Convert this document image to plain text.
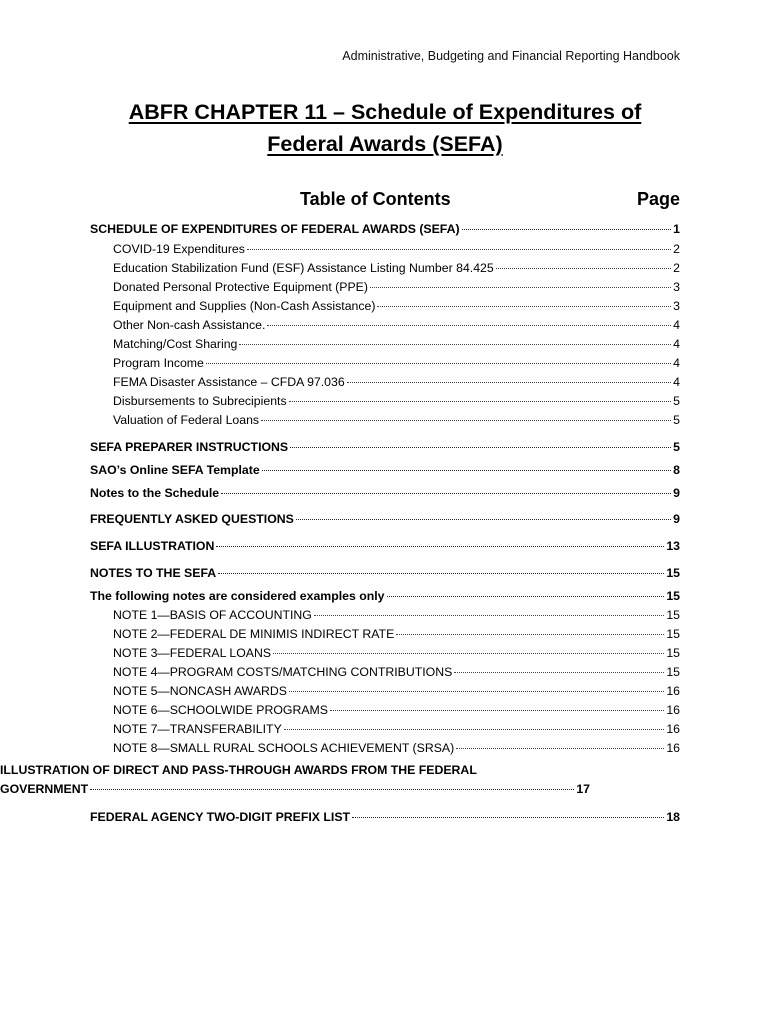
Administrative, Budgeting and Financial Reporting Handbook
ABFR CHAPTER 11 – Schedule of Expenditures of
Federal Awards (SEFA)
Table of Contents	Page
SCHEDULE OF EXPENDITURES OF FEDERAL AWARDS (SEFA)	1
COVID-19 Expenditures	2
Education Stabilization Fund (ESF) Assistance Listing Number 84.425	2
Donated Personal Protective Equipment (PPE)	3
Equipment and Supplies (Non-Cash Assistance)	3
Other Non-cash Assistance.	4
Matching/Cost Sharing	4
Program Income	4
FEMA Disaster Assistance – CFDA 97.036	4
Disbursements to Subrecipients	5
Valuation of Federal Loans	5
SEFA PREPARER INSTRUCTIONS	5
SAO’s Online SEFA Template	8
Notes to the Schedule	9
FREQUENTLY ASKED QUESTIONS	9
SEFA ILLUSTRATION	13
NOTES TO THE SEFA	15
The following notes are considered examples only	15
NOTE 1—BASIS OF ACCOUNTING	15
NOTE 2—FEDERAL DE MINIMIS INDIRECT RATE	15
NOTE 3—FEDERAL LOANS	15
NOTE 4—PROGRAM COSTS/MATCHING CONTRIBUTIONS	15
NOTE 5—NONCASH AWARDS	16
NOTE 6—SCHOOLWIDE PROGRAMS	16
NOTE 7—TRANSFERABILITY	16
NOTE 8—SMALL RURAL SCHOOLS ACHIEVEMENT (SRSA)	16
ILLUSTRATION OF DIRECT AND PASS-THROUGH AWARDS FROM THE FEDERAL
GOVERNMENT	17
FEDERAL AGENCY TWO-DIGIT PREFIX LIST	18
